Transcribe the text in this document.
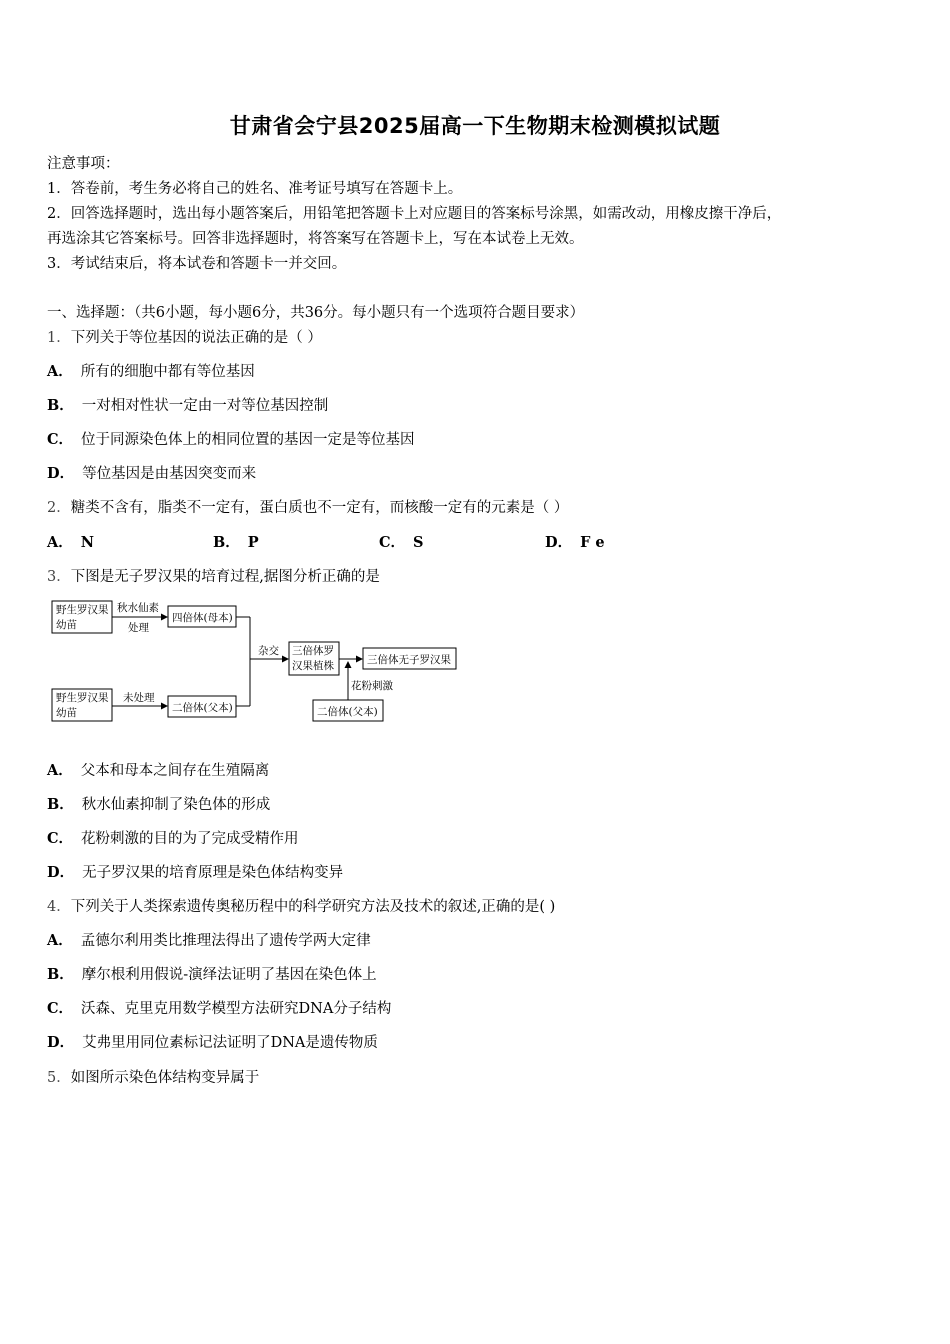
甘肃省会宁县2025届高一下生物期末检测模拟试题
注意事项：
1．答卷前，考生务必将自己的姓名、准考证号填写在答题卡上。
2．回答选择题时，选出每小题答案后，用铅笔把答题卡上对应题目的答案标号涂黑，如需改动，用橡皮擦干净后，
再选涂其它答案标号。回答非选择题时，将答案写在答题卡上，写在本试卷上无效。
3．考试结束后，将本试卷和答题卡一并交回。
一、选择题：（共6小题，每小题6分，共36分。每小题只有一个选项符合题目要求）
1．下列关于等位基因的说法正确的是（ ）
A． 所有的细胞中都有等位基因
B． 一对相对性状一定由一对等位基因控制
C． 位于同源染色体上的相同位置的基因一定是等位基因
D． 等位基因是由基因突变而来
2．糖类不含有，脂类不一定有，蛋白质也不一定有，而核酸一定有的元素是（ ）
A． N	B． P	C． S	D． F e
3．下图是无子罗汉果的培育过程,据图分析正确的是
野生罗汉果
幼苗
秋水仙素
处理
四倍体(母本)
野生罗汉果
幼苗
未处理
二倍体(父本)
杂交 三倍体罗
汉果植株	三倍体无子罗汉果
二倍体(父本)
花粉刺激
A． 父本和母本之间存在生殖隔离
B． 秋水仙素抑制了染色体的形成
C． 花粉刺激的目的为了完成受精作用
D． 无子罗汉果的培育原理是染色体结构变异
4．下列关于人类探索遗传奥秘历程中的科学研究方法及技术的叙述,正确的是( )
A． 孟德尔利用类比推理法得出了遗传学两大定律
B． 摩尔根利用假说-演绎法证明了基因在染色体上
C． 沃森、克里克用数学模型方法研究DNA分子结构
D． 艾弗里用同位素标记法证明了DNA是遗传物质
5．如图所示染色体结构变异属于
